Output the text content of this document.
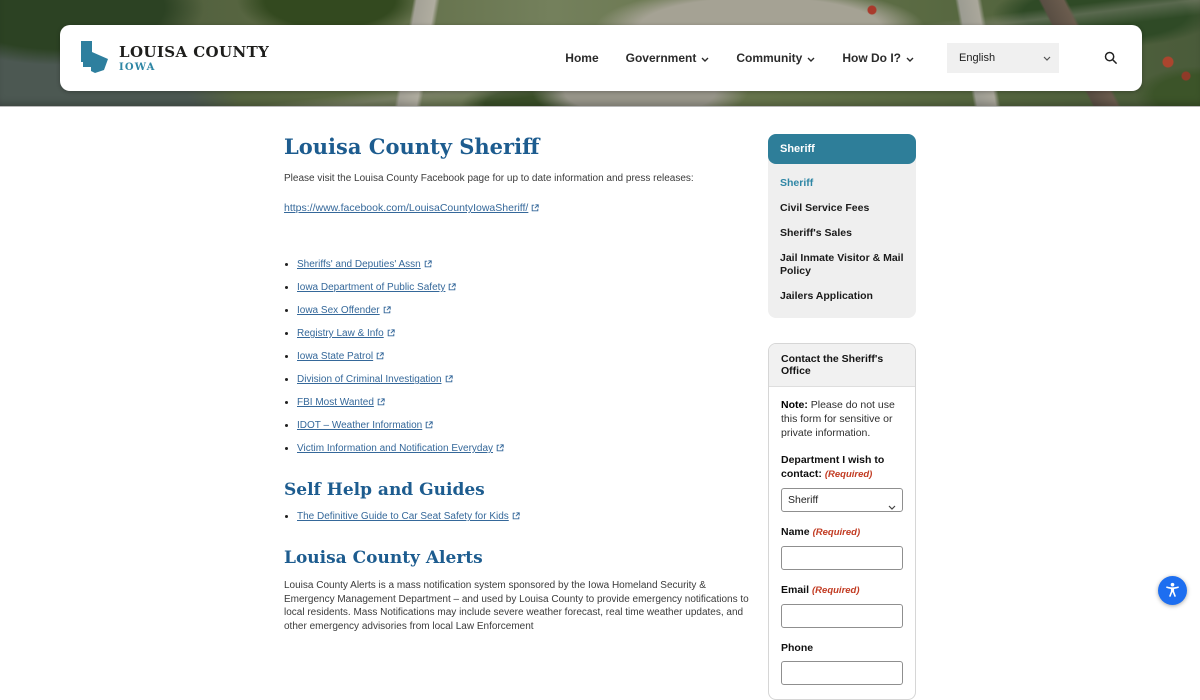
LOUISA COUNTY
IOWA
Home Government	Community	How Do I?	English
Louisa County Sheriff

Please visit the Louisa County Facebook page for up to date information and press releases:

https://www.facebook.com/LouisaCountyIowaSheriff/

• Sheriffs' and Deputies' Assn
• Iowa Department of Public Safety
• Iowa Sex Offender
• Registry Law & Info
• Iowa State Patrol
• Division of Criminal Investigation
• FBI Most Wanted
• IDOT – Weather Information
• Victim Information and Notification Everyday
Self Help and Guides
• The Definitive Guide to Car Seat Safety for Kids
Louisa County Alerts

Louisa County Alerts is a mass notification system sponsored by the Iowa Homeland Security & Emergency Management Department – and used by Louisa County to provide emergency notifications to local residents. Mass Notifications may include severe weather forecast, real time weather updates, and other emergency advisories from local Law Enforcement

Sheriff
Sheriff
Civil Service Fees
Sheriff's Sales
Jail Inmate Visitor & Mail Policy
Jailers Application
Contact the Sheriff's Office

Note: Please do not use this form for sensitive or private information.

Department I wish to contact: (Required)
Sheriff
Name (Required)
Email (Required)
Phone
